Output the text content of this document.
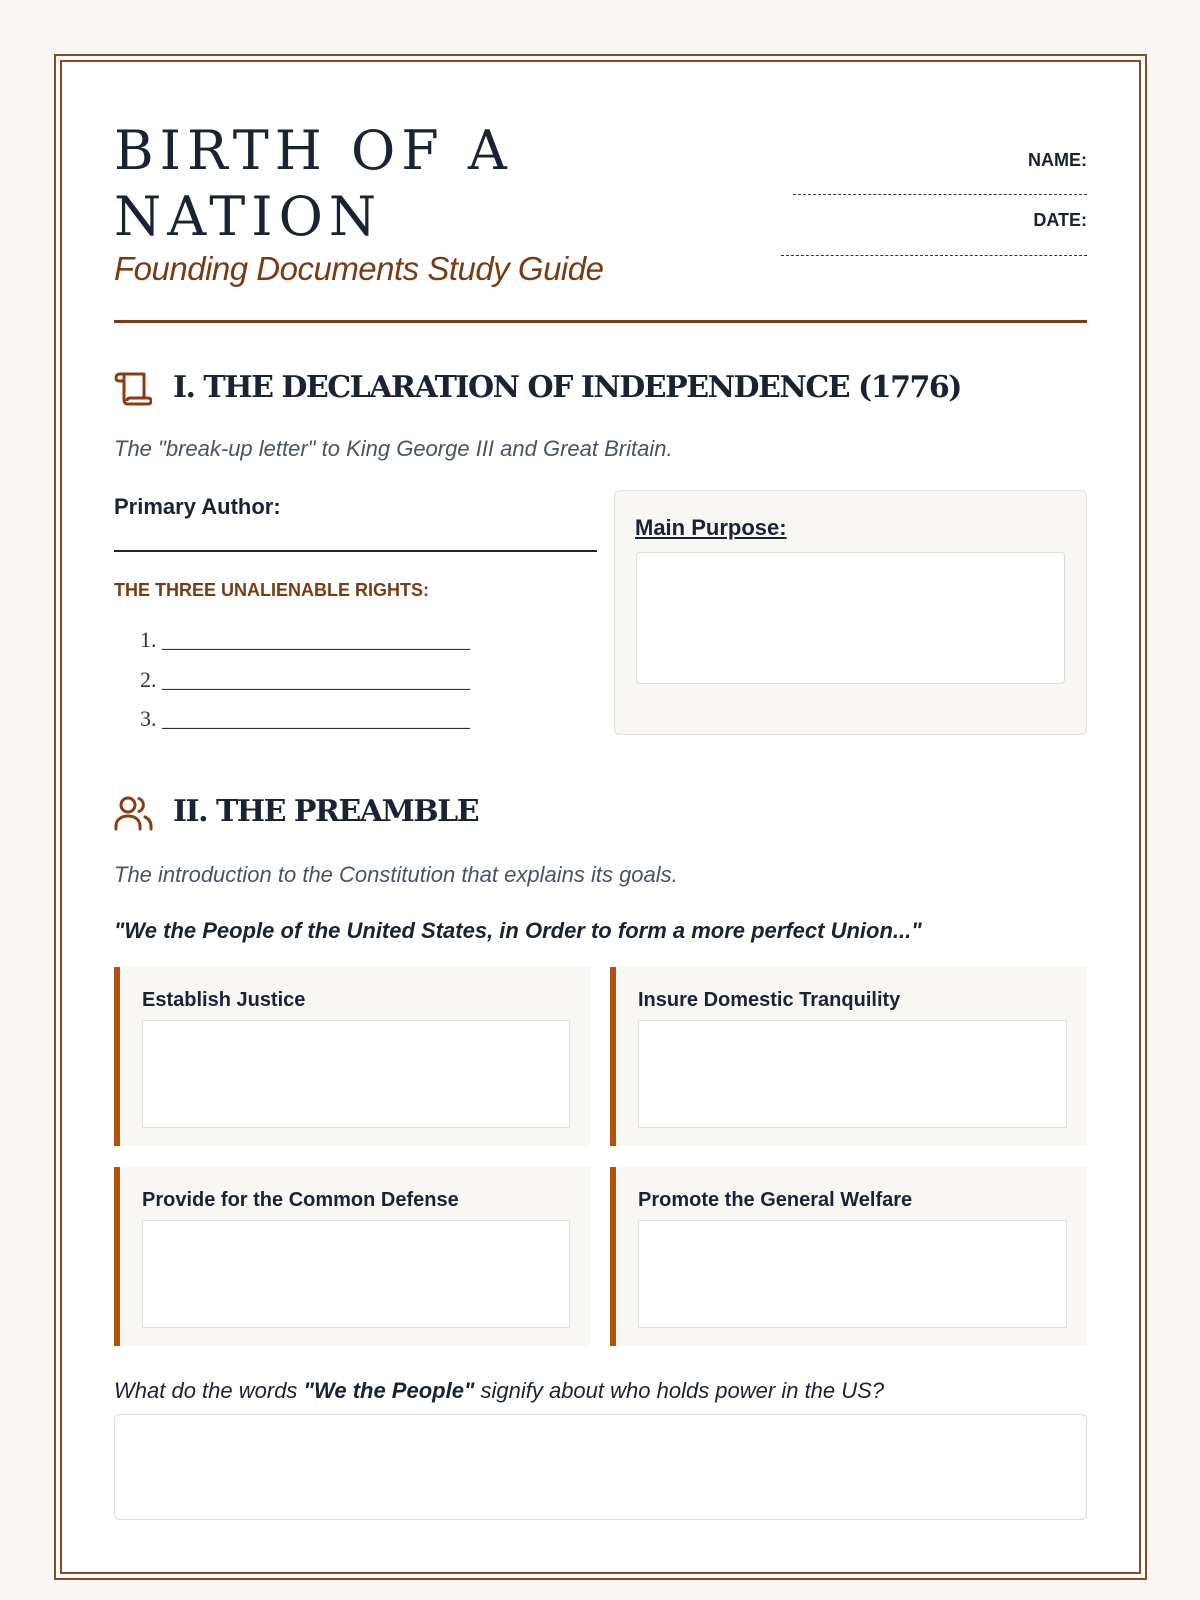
BIRTH OF A NATION
Founding Documents Study Guide
NAME:
DATE:
I. THE DECLARATION OF INDEPENDENCE (1776)
The "break-up letter" to King George III and Great Britain.
Primary Author:
THE THREE UNALIENABLE RIGHTS:
1. ____________________________
2. ____________________________
3. ____________________________
Main Purpose:
II. THE PREAMBLE
The introduction to the Constitution that explains its goals.
"We the People of the United States, in Order to form a more perfect Union..."
Establish Justice	Insure Domestic Tranquility
Provide for the Common Defense	Promote the General Welfare
What do the words "We the People" signify about who holds power in the US?
